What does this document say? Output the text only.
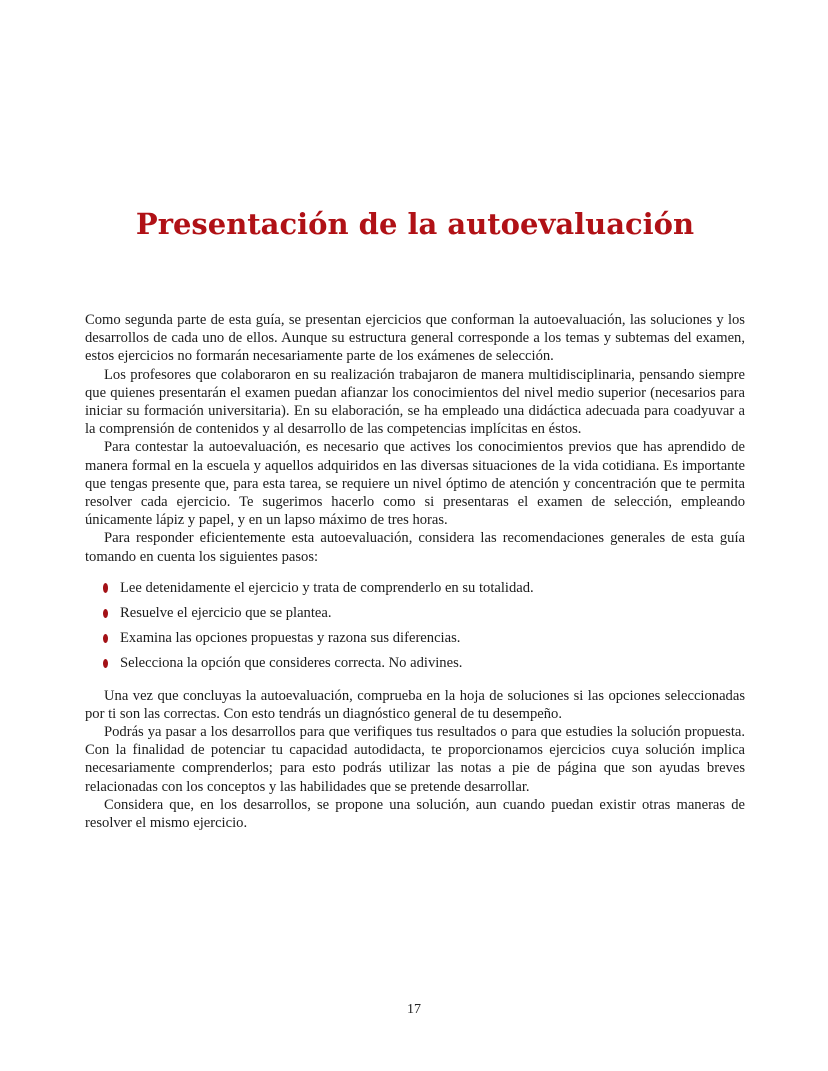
Presentación de la autoevaluación

Como segunda parte de esta guía, se presentan ejercicios que conforman la autoevaluación, las soluciones y los desarrollos de cada uno de ellos. Aunque su estructura general corresponde a los temas y subtemas del examen, estos ejercicios no formarán necesariamente parte de los exámenes de selección.

Los profesores que colaboraron en su realización trabajaron de manera multidisciplinaria, pensando siempre que quienes presentarán el examen puedan afianzar los conocimientos del nivel medio superior (necesarios para iniciar su formación universitaria). En su elaboración, se ha empleado una didáctica adecuada para coadyuvar a la comprensión de contenidos y al desarrollo de las competencias implícitas en éstos.

Para contestar la autoevaluación, es necesario que actives los conocimientos previos que has aprendido de manera formal en la escuela y aquellos adquiridos en las diversas situaciones de la vida cotidiana. Es importante que tengas presente que, para esta tarea, se requiere un nivel óptimo de atención y concentración que te permita resolver cada ejercicio. Te sugerimos hacerlo como si presentaras el examen de selección, empleando únicamente lápiz y papel, y en un lapso máximo de tres horas.

Para responder eficientemente esta autoevaluación, considera las recomendaciones generales de esta guía tomando en cuenta los siguientes pasos:

Lee detenidamente el ejercicio y trata de comprenderlo en su totalidad.
Resuelve el ejercicio que se plantea.
Examina las opciones propuestas y razona sus diferencias.
Selecciona la opción que consideres correcta. No adivines.

Una vez que concluyas la autoevaluación, comprueba en la hoja de soluciones si las opciones seleccionadas por ti son las correctas. Con esto tendrás un diagnóstico general de tu desempeño.

Podrás ya pasar a los desarrollos para que verifiques tus resultados o para que estudies la solución propuesta. Con la finalidad de potenciar tu capacidad autodidacta, te proporcionamos ejercicios cuya solución implica necesariamente comprenderlos; para esto podrás utilizar las notas a pie de página que son ayudas breves relacionadas con los conceptos y las habilidades que se pretende desarrollar.

Considera que, en los desarrollos, se propone una solución, aun cuando puedan existir otras maneras de resolver el mismo ejercicio.

17
